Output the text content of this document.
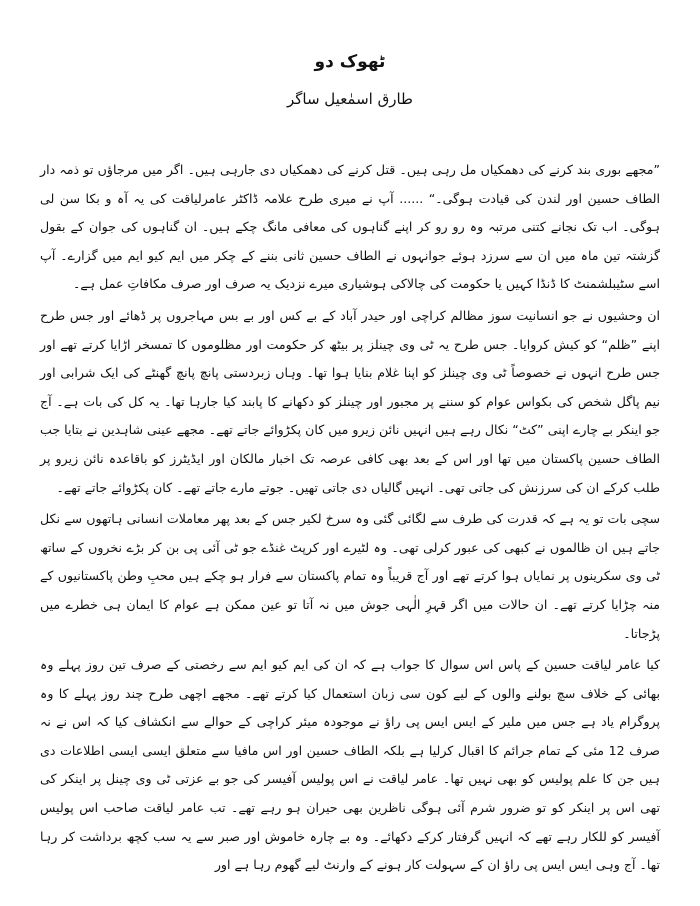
ٹھوک دو
طارق اسمٰعیل ساگر

”مجھے بوری بند کرنے کی دھمکیاں مل رہی ہیں۔ قتل کرنے کی دھمکیاں دی جارہی ہیں۔ اگر میں مرجاؤں تو ذمہ دار الطاف حسین اور لندن کی قیادت ہوگی۔“ ...... آپ نے میری طرح علامہ ڈاکٹر عامرلیاقت کی یہ آہ و بکا سن لی ہوگی۔ اب تک نجانے کتنی مرتبہ وہ رو رو کر اپنے گناہوں کی معافی مانگ چکے ہیں۔ ان گناہوں کی جوان کے بقول گزشتہ تین ماہ میں ان سے سرزد ہوئے جوانہوں نے الطاف حسین ثانی بننے کے چکر میں ایم کیو ایم میں گزارے۔ آپ اسے سٹیبلشمنٹ کا ڈنڈا کہیں یا حکومت کی چالاکی ہوشیاری میرے نزدیک یہ صرف اور صرف مکافاتِ عمل ہے۔

ان وحشیوں نے جو انسانیت سوز مظالم کراچی اور حیدر آباد کے بے کس اور بے بس مہاجروں پر ڈھائے اور جس طرح اپنے ”ظلم“ کو کیش کروایا۔ جس طرح یہ ٹی وی چینلز پر بیٹھ کر حکومت اور مظلوموں کا تمسخر اڑایا کرتے تھے اور جس طرح انہوں نے خصوصاً ٹی وی چینلز کو اپنا غلام بنایا ہوا تھا۔ وہاں زبردستی پانچ پانچ گھنٹے کی ایک شرابی اور نیم پاگل شخص کی بکواس عوام کو سننے پر مجبور اور چینلز کو دکھانے کا پابند کیا جارہا تھا۔ یہ کل کی بات ہے۔ آج جو اینکر بے چارے اپنی ”کٹ“ نکال رہے ہیں انہیں نائن زیرو میں کان پکڑوائے جاتے تھے۔ مجھے عینی شاہدین نے بتایا جب الطاف حسین پاکستان میں تھا اور اس کے بعد بھی کافی عرصہ تک اخبار مالکان اور ایڈیٹرز کو باقاعدہ نائن زیرو پر طلب کرکے ان کی سرزنش کی جاتی تھی۔ انہیں گالیاں دی جاتی تھیں۔ جوتے مارے جاتے تھے۔ کان پکڑوائے جاتے تھے۔

سچی بات تو یہ ہے کہ قدرت کی طرف سے لگائی گئی وہ سرخ لکیر جس کے بعد پھر معاملات انسانی ہاتھوں سے نکل جاتے ہیں ان ظالموں نے کبھی کی عبور کرلی تھی۔ وہ لٹیرے اور کرپٹ غنڈے جو ٹی آئی پی بن کر بڑے نخروں کے ساتھ ٹی وی سکرینوں پر نمایاں ہوا کرتے تھے اور آج قریباً وہ تمام پاکستان سے فرار ہو چکے ہیں محبِ وطن پاکستانیوں کے منہ چڑایا کرتے تھے۔ ان حالات میں اگر قہرِ الٰہی جوش میں نہ آتا تو عین ممکن ہے عوام کا ایمان ہی خطرے میں پڑجاتا۔

کیا عامر لیاقت حسین کے پاس اس سوال کا جواب ہے کہ ان کی ایم کیو ایم سے رخصتی کے صرف تین روز پہلے وہ بھائی کے خلاف سچ بولنے والوں کے لیے کون سی زبان استعمال کیا کرتے تھے۔ مجھے اچھی طرح چند روز پہلے کا وہ پروگرام یاد ہے جس میں ملیر کے ایس ایس پی راؤ نے موجودہ میئر کراچی کے حوالے سے انکشاف کیا کہ اس نے نہ صرف 12 مئی کے تمام جرائم کا اقبال کرلیا ہے بلکہ الطاف حسین اور اس مافیا سے متعلق ایسی ایسی اطلاعات دی ہیں جن کا علم پولیس کو بھی نہیں تھا۔ عامر لیاقت نے اس پولیس آفیسر کی جو بے عزتی ٹی وی چینل پر اینکر کی تھی اس پر اینکر کو تو ضرور شرم آئی ہوگی ناظرین بھی حیران ہو رہے تھے۔ تب عامر لیاقت صاحب اس پولیس آفیسر کو للکار رہے تھے کہ انہیں گرفتار کرکے دکھائے۔ وہ بے چارہ خاموش اور صبر سے یہ سب کچھ برداشت کر رہا تھا۔ آج وہی ایس ایس پی راؤ ان کے سہولت کار ہونے کے وارنٹ لیے گھوم رہا ہے اور
